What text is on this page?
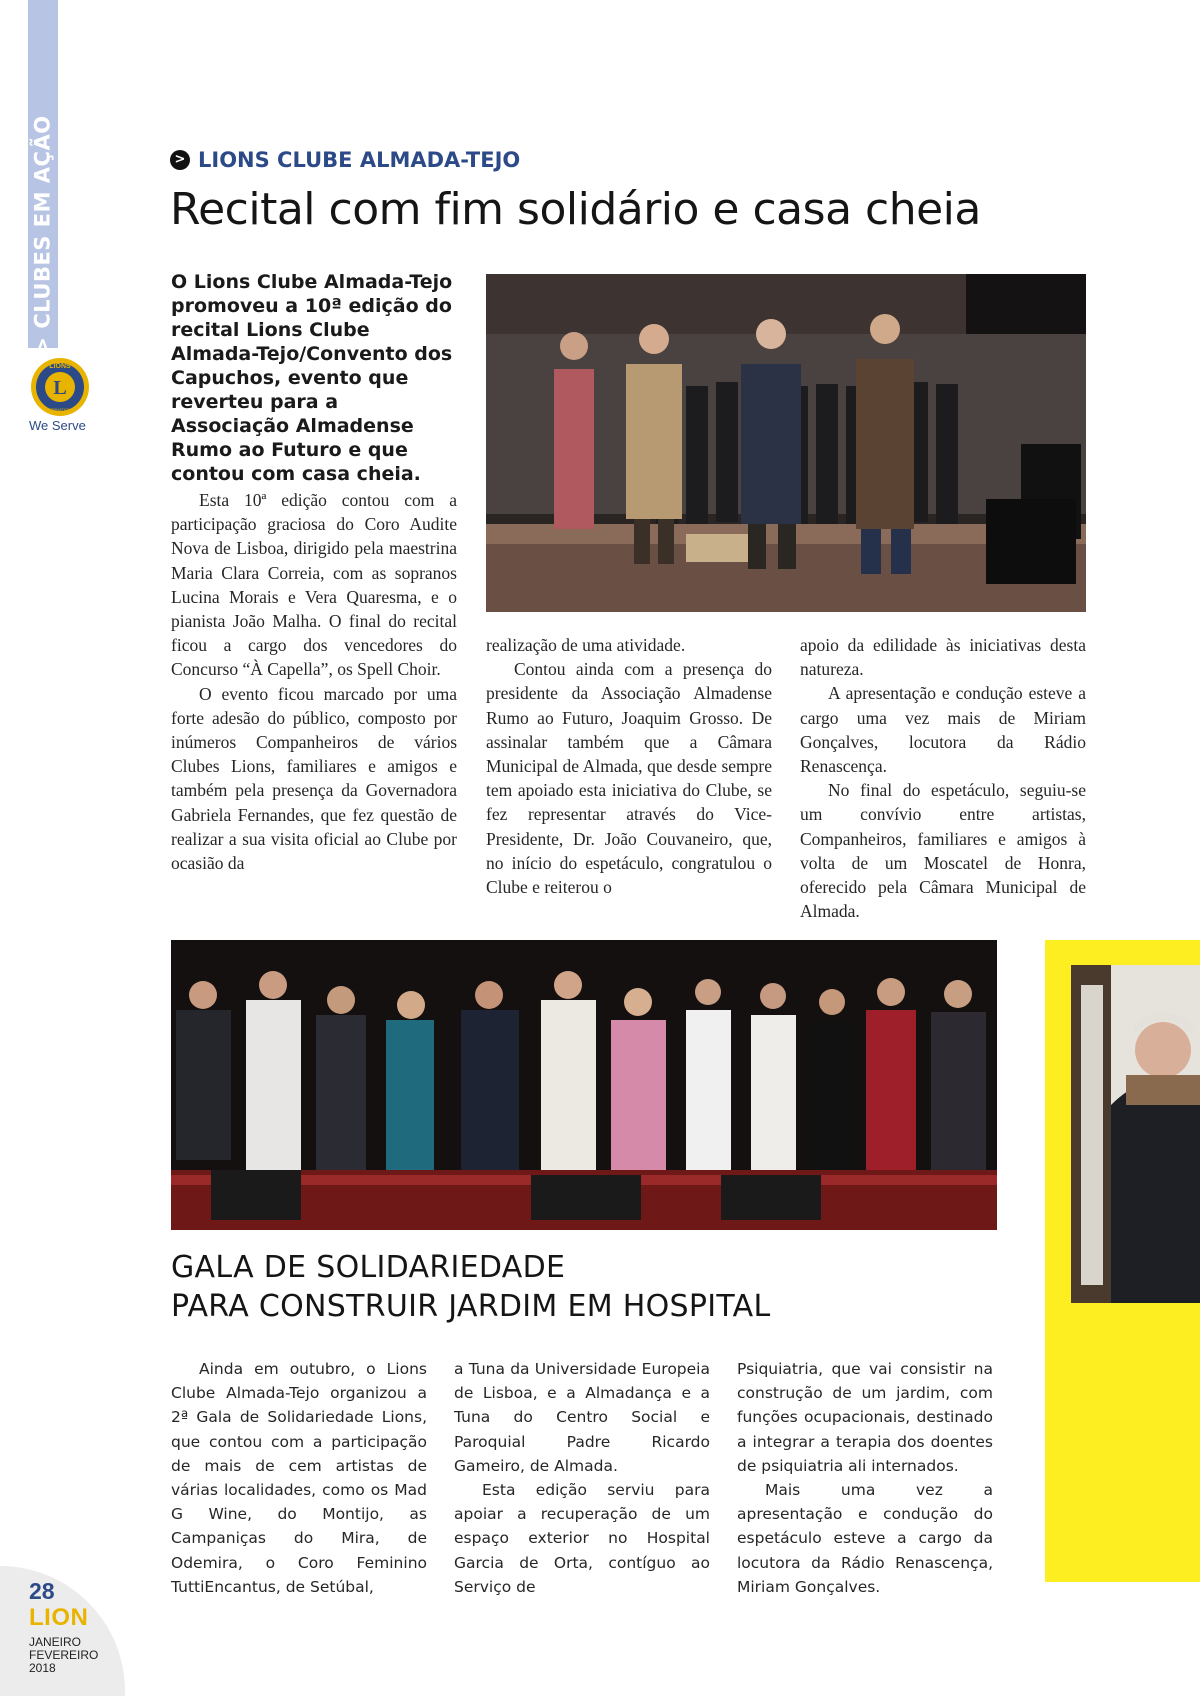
> CLUBES EM AÇÃO
LIONS
L
INTERNATIONAL
We Serve
> LIONS CLUBE ALMADA-TEJO
Recital com fim solidário e casa cheia

O Lions Clube Almada-Tejo promoveu a 10ª edição do recital Lions Clube Almada-Tejo/Convento dos Capuchos, evento que reverteu para a Associação Almadense Rumo ao Futuro e que contou com casa cheia.

Esta 10ª edição contou com a participação graciosa do Coro Audite Nova de Lisboa, dirigido pela maestrina Maria Clara Correia, com as sopranos Lucina Morais e Vera Quaresma, e o pianista João Malha. O final do recital ficou a cargo dos vencedores do Concurso “À Capella”, os Spell Choir.

O evento ficou marcado por uma forte adesão do público, composto por inúmeros Companheiros de vários Clubes Lions, familiares e amigos e também pela presença da Governadora Gabriela Fernandes, que fez questão de realizar a sua visita oficial ao Clube por ocasião da

realização de uma atividade.

Contou ainda com a presença do presidente da Associação Almadense Rumo ao Futuro, Joaquim Grosso. De assinalar também que a Câmara Municipal de Almada, que desde sempre tem apoiado esta iniciativa do Clube, se fez representar através do Vice-Presidente, Dr. João Couvaneiro, que, no início do espetáculo, congratulou o Clube e reiterou o

apoio da edilidade às iniciativas desta natureza.

A apresentação e condução esteve a cargo uma vez mais de Miriam Gonçalves, locutora da Rádio Renascença.

No final do espetáculo, seguiu-se um convívio entre artistas, Companheiros, familiares e amigos à volta de um Moscatel de Honra, oferecido pela Câmara Municipal de Almada.

GALA DE SOLIDARIEDADE
PARA CONSTRUIR JARDIM EM HOSPITAL

Ainda em outubro, o Lions Clube Almada-Tejo organizou a 2ª Gala de Solidariedade Lions, que contou com a participação de mais de cem artistas de várias localidades, como os Mad G Wine, do Montijo, as Campaniças do Mira, de Odemira, o Coro Feminino TuttiEncantus, de Setúbal,

a Tuna da Universidade Europeia de Lisboa, e a Almadança e a Tuna do Centro Social e Paroquial Padre Ricardo Gameiro, de Almada.

Esta edição serviu para apoiar a recuperação de um espaço exterior no Hospital Garcia de Orta, contíguo ao Serviço de

Psiquiatria, que vai consistir na construção de um jardim, com funções ocupacionais, destinado a integrar a terapia dos doentes de psiquiatria ali internados.

Mais uma vez a apresentação e condução do espetáculo esteve a cargo da locutora da Rádio Renascença, Miriam Gonçalves.

28
LION
JANEIRO
FEVEREIRO
2018
